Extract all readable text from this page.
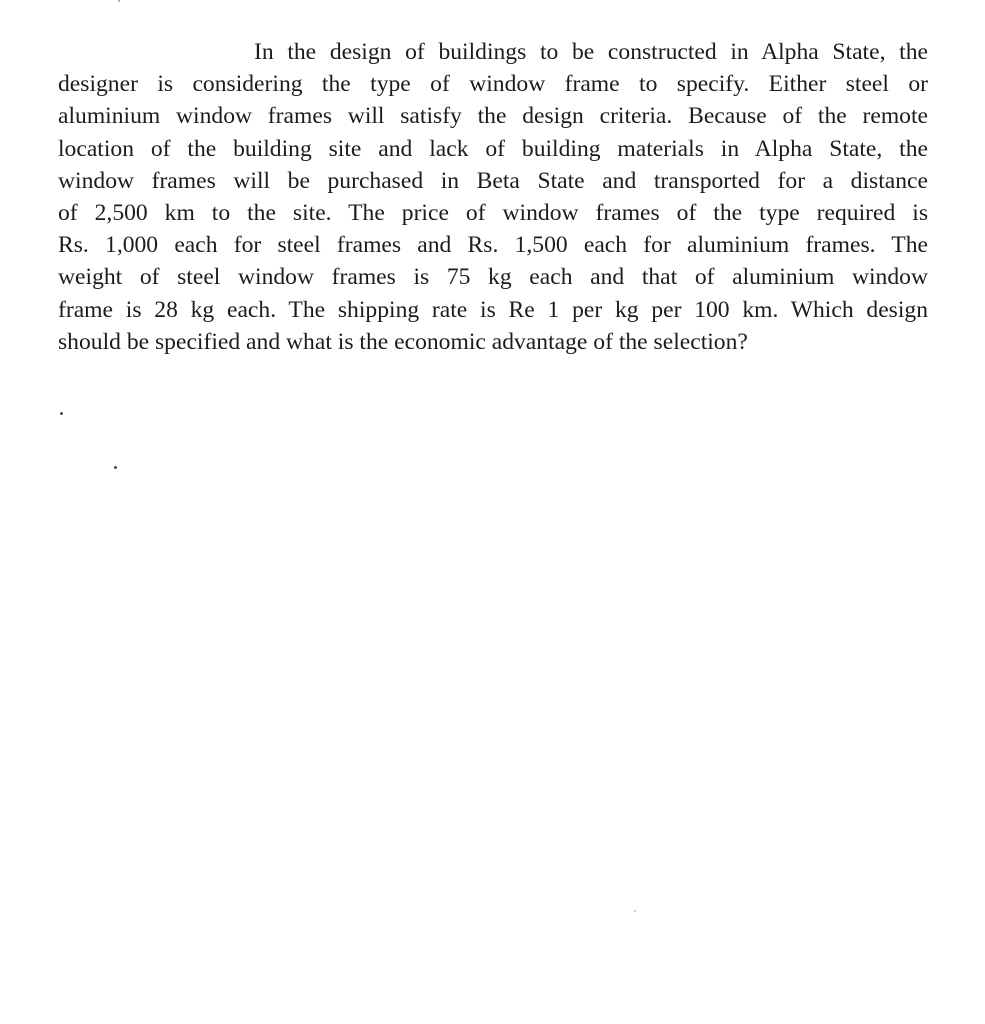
In the design of buildings to be constructed in Alpha State, the
designer is considering the type of window frame to specify. Either steel or
aluminium window frames will satisfy the design criteria. Because of the remote
location of the building site and lack of building materials in Alpha State, the
window frames will be purchased in Beta State and transported for a distance
of 2,500 km to the site. The price of window frames of the type required is
Rs. 1,000 each for steel frames and Rs. 1,500 each for aluminium frames. The
weight of steel window frames is 75 kg each and that of aluminium window
frame is 28 kg each. The shipping rate is Re 1 per kg per 100 km. Which design
should be specified and what is the economic advantage of the selection?
